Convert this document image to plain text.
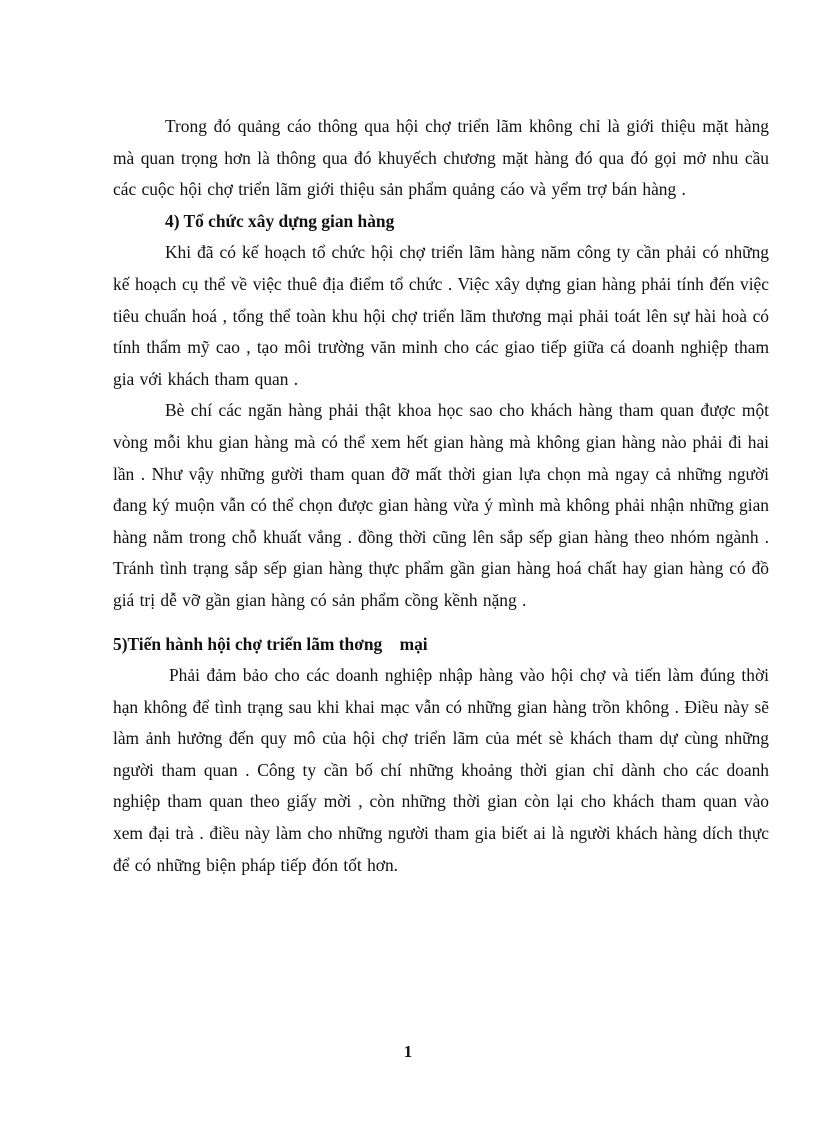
Trong đó quảng cáo thông qua hội chợ triển lãm không chỉ là giới thiệu mặt hàng mà quan trọng hơn là thông qua đó khuyếch chương mặt hàng đó qua đó gọi mở nhu cầu các cuộc hội chợ triển lãm giới thiệu sản phẩm quảng cáo và yểm trợ bán hàng .

4) Tổ chức xây dựng gian hàng

Khi đã có kế hoạch tổ chức hội chợ triển lãm hàng năm công ty cần phải có những kế hoạch cụ thể về việc thuê địa điểm tổ chức . Việc xây dựng gian hàng phải tính đến việc tiêu chuẩn hoá , tổng thể toàn khu hội chợ triển lãm thương mại phải toát lên sự hài hoà có tính thẩm mỹ cao , tạo môi trường văn minh cho các giao tiếp giữa cá doanh nghiệp tham gia với khách tham quan .

Bè chí các ngăn hàng phải thật khoa học sao cho khách hàng tham quan được một vòng mỗi khu gian hàng mà có thể xem hết gian hàng mà không gian hàng nào phải đi hai lần . Như vậy những gười tham quan đỡ mất thời gian lựa chọn mà ngay cả những người đang ký muộn vẫn có thể chọn được gian hàng vừa ý mình mà không phải nhận những gian hàng nằm trong chỗ khuất vắng . đồng thời cũng lên sắp sếp gian hàng theo nhóm ngành . Tránh tình trạng sắp sếp gian hàng thực phẩm gần gian hàng hoá chất hay gian hàng có đồ giá trị dễ vỡ gần gian hàng có sản phẩm cồng kềnh nặng .

5)Tiến hành hội chợ triển lãm thơng    mại

Phải đảm bảo cho các doanh nghiệp nhập hàng vào hội chợ và tiến làm đúng thời hạn không để tình trạng sau khi khai mạc vẫn có những gian hàng trồn không . Điều này sẽ làm ảnh hưởng đến quy mô của hội chợ triển lãm của mét sè khách tham dự cùng những người tham quan . Công ty cần bố chí những khoảng thời gian chỉ dành cho các doanh nghiệp tham quan theo giấy mời , còn những thời gian còn lại cho khách tham quan vào xem đại trà . điều này làm cho những người tham gia biết ai là người khách hàng dích thực để có những biện pháp tiếp đón tốt hơn.

1
